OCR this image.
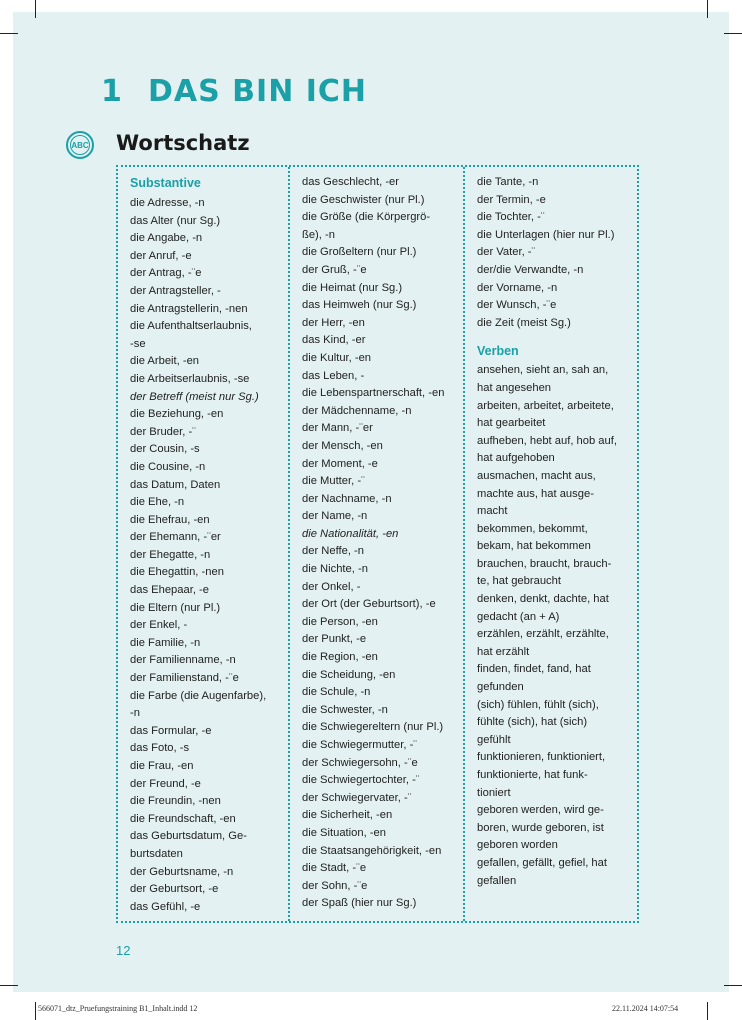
1 DAS BIN ICH
ABC Wortschatz
Substantive
die Adresse, -n
das Alter (nur Sg.)
die Angabe, -n
der Anruf, -e
der Antrag, -¨e
der Antragsteller, -
die Antragstellerin, -nen
die Aufenthaltserlaubnis,
-se
die Arbeit, -en
die Arbeitserlaubnis, -se
der Betreff (meist nur Sg.)
die Beziehung, -en
der Bruder, -¨
der Cousin, -s
die Cousine, -n
das Datum, Daten
die Ehe, -n
die Ehefrau, -en
der Ehemann, -¨er
der Ehegatte, -n
die Ehegattin, -nen
das Ehepaar, -e
die Eltern (nur Pl.)
der Enkel, -
die Familie, -n
der Familienname, -n
der Familienstand, -¨e
die Farbe (die Augenfarbe),
-n
das Formular, -e
das Foto, -s
die Frau, -en
der Freund, -e
die Freundin, -nen
die Freundschaft, -en
das Geburtsdatum, Ge-
burtsdaten
der Geburtsname, -n
der Geburtsort, -e
das Gefühl, -e
das Geschlecht, -er
die Geschwister (nur Pl.)
die Größe (die Körpergrö-
ße), -n
die Großeltern (nur Pl.)
der Gruß, -¨e
die Heimat (nur Sg.)
das Heimweh (nur Sg.)
der Herr, -en
das Kind, -er
die Kultur, -en
das Leben, -
die Lebenspartnerschaft, -en
der Mädchenname, -n
der Mann, -¨er
der Mensch, -en
der Moment, -e
die Mutter, -¨
der Nachname, -n
der Name, -n
die Nationalität, -en
der Neffe, -n
die Nichte, -n
der Onkel, -
der Ort (der Geburtsort), -e
die Person, -en
der Punkt, -e
die Region, -en
die Scheidung, -en
die Schule, -n
die Schwester, -n
die Schwiegereltern (nur Pl.)
die Schwiegermutter, -¨
der Schwiegersohn, -¨e
die Schwiegertochter, -¨
der Schwiegervater, -¨
die Sicherheit, -en
die Situation, -en
die Staatsangehörigkeit, -en
die Stadt, -¨e
der Sohn, -¨e
der Spaß (hier nur Sg.)
die Tante, -n
der Termin, -e
die Tochter, -¨
die Unterlagen (hier nur Pl.)
der Vater, -¨
der/die Verwandte, -n
der Vorname, -n
der Wunsch, -¨e
die Zeit (meist Sg.)
Verben
ansehen, sieht an, sah an,
hat angesehen
arbeiten, arbeitet, arbeitete,
hat gearbeitet
aufheben, hebt auf, hob auf,
hat aufgehoben
ausmachen, macht aus,
machte aus, hat ausge-
macht
bekommen, bekommt,
bekam, hat bekommen
brauchen, braucht, brauch-
te, hat gebraucht
denken, denkt, dachte, hat
gedacht (an + A)
erzählen, erzählt, erzählte,
hat erzählt
finden, findet, fand, hat
gefunden
(sich) fühlen, fühlt (sich),
fühlte (sich), hat (sich)
gefühlt
funktionieren, funktioniert,
funktionierte, hat funk-
tioniert
geboren werden, wird ge-
boren, wurde geboren, ist
geboren worden
gefallen, gefällt, gefiel, hat
gefallen
12
566071_dtz_Pruefungstraining B1_Inhalt.indd 12	22.11.2024 14:07:54
